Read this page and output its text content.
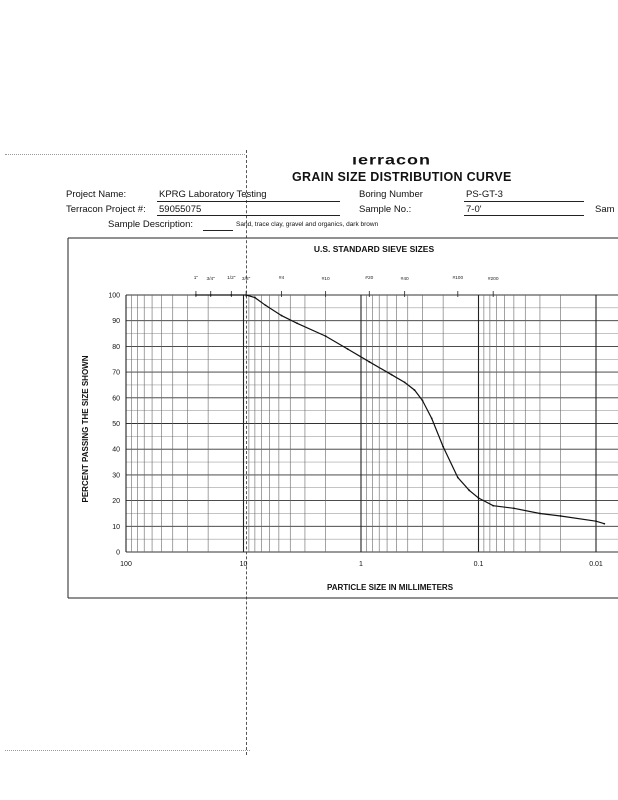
ıerracon
GRAIN SIZE DISTRIBUTION CURVE
Project Name:	KPRG Laboratory Testing
Terracon Project #: 59055075
Boring Number	PS-GT-3
Sample No.:	7-0'	Sam
Sample Description:	Sand, trace clay, gravel and organics, dark brown
U.S. STANDARD SIEVE SIZES
0
10
20
30
40
50
60
70
80
90
100
100	10	1	0.1	0.01
1" 3/4"	1/2" 3/8"	#4	#10	#20	#40	#100	#200
PERCENT PASSING THE SIZE SHOWN
PARTICLE SIZE IN MILLIMETERS
